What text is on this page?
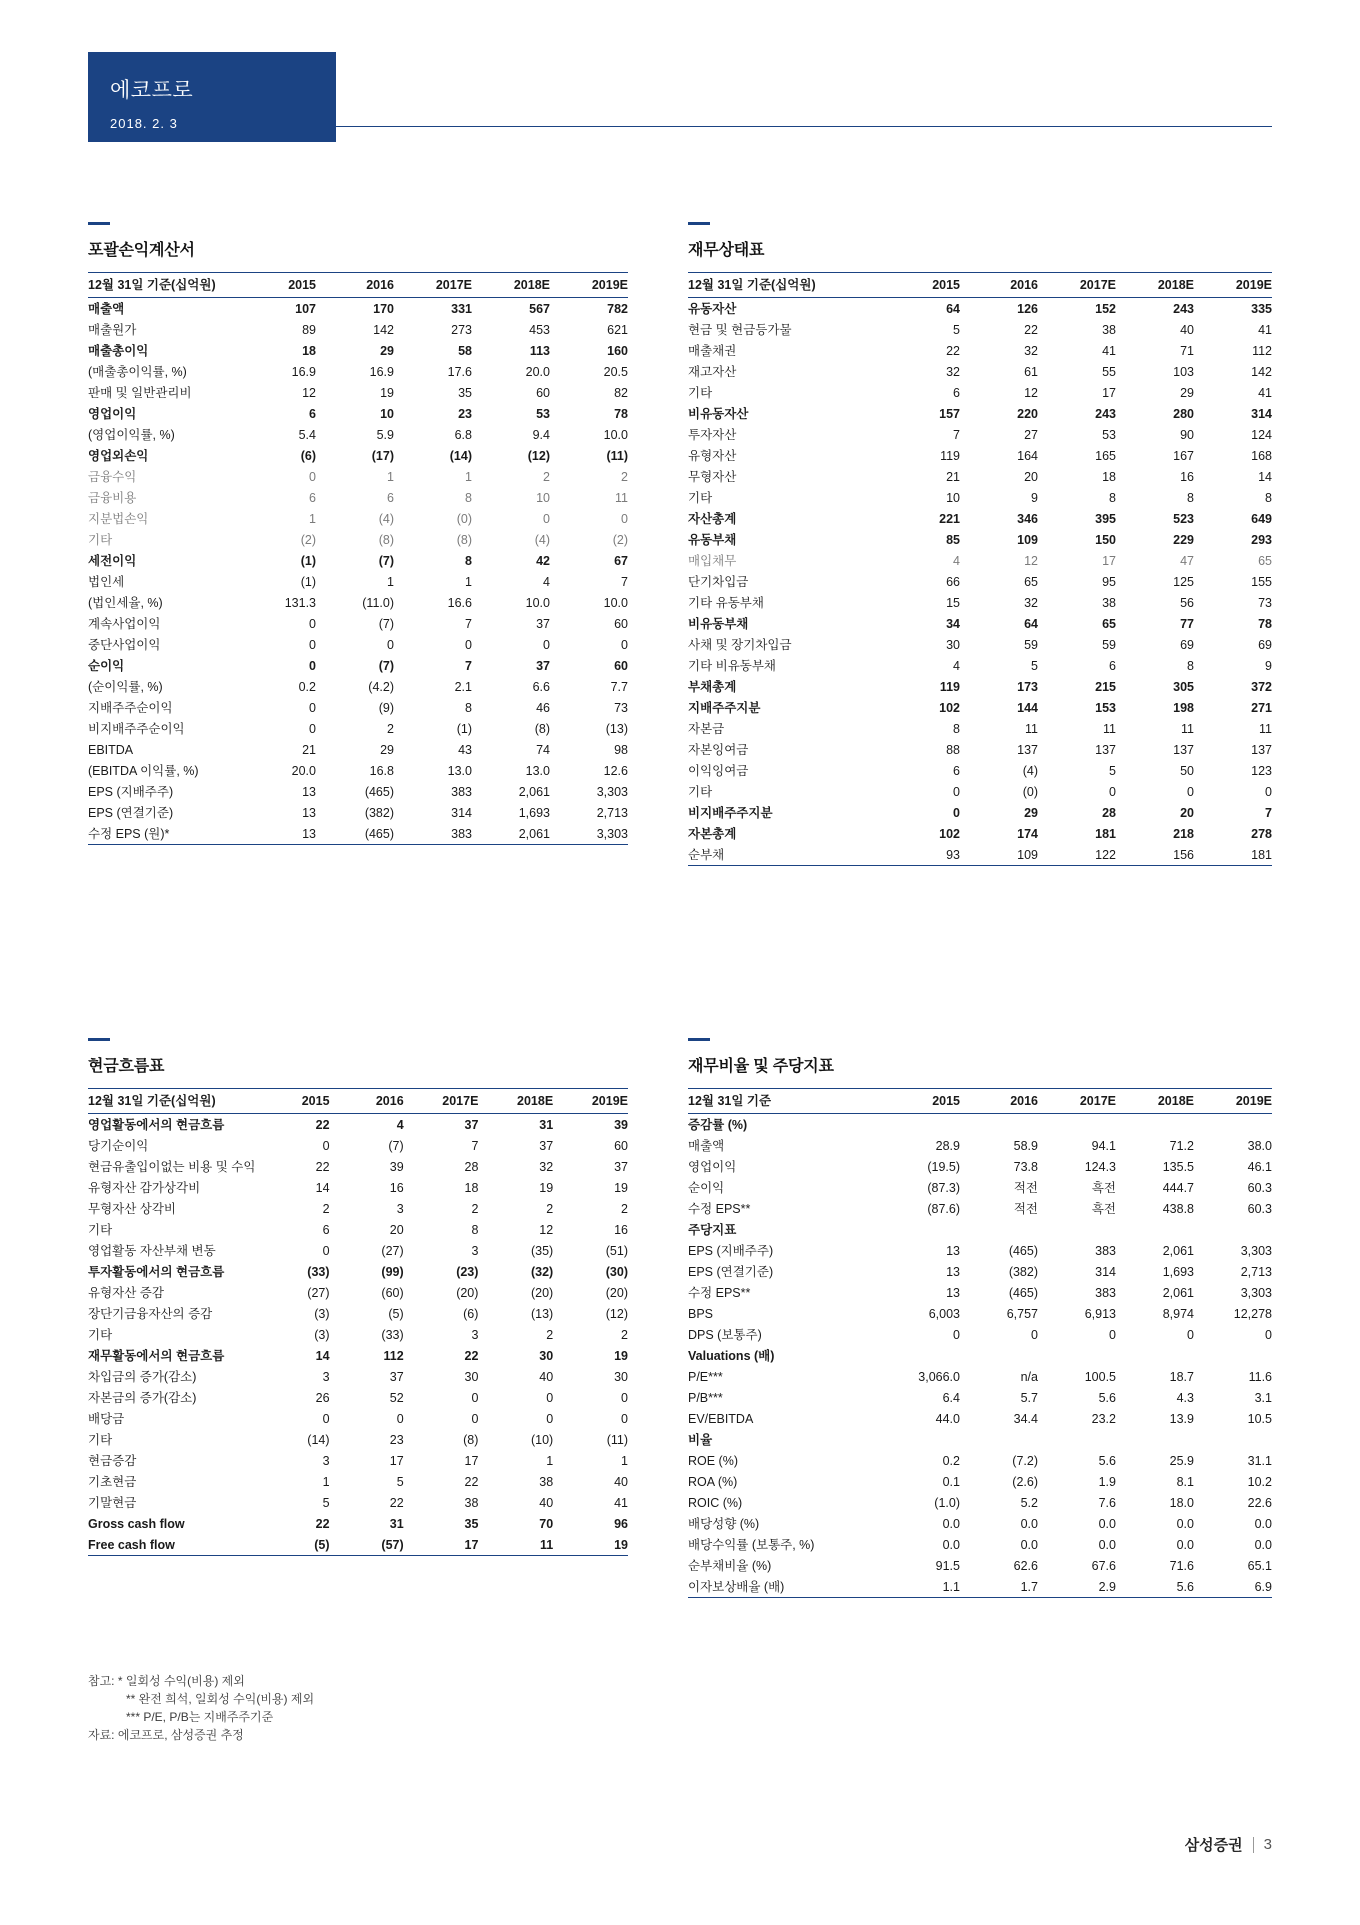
에코프로
2018. 2. 3
포괄손익계산서
12월 31일 기준(십억원)	2015	2016	2017E	2018E	2019E
매출액	107	170	331	567	782
매출원가	89	142	273	453	621
매출총이익	18	29	58	113	160
(매출총이익률, %)	16.9	16.9	17.6	20.0	20.5
판매 및 일반관리비	12	19	35	60	82
영업이익	6	10	23	53	78
(영업이익률, %)	5.4	5.9	6.8	9.4	10.0
영업외손익	(6)	(17)	(14)	(12)	(11)
금융수익	0	1	1	2	2
금융비용	6	6	8	10	11
지분법손익	1	(4)	(0)	0	0
기타	(2)	(8)	(8)	(4)	(2)
세전이익	(1)	(7)	8	42	67
법인세	(1)	1	1	4	7
(법인세율, %)	131.3	(11.0)	16.6	10.0	10.0
계속사업이익	0	(7)	7	37	60
중단사업이익	0	0	0	0	0
순이익	0	(7)	7	37	60
(순이익률, %)	0.2	(4.2)	2.1	6.6	7.7
지배주주순이익	0	(9)	8	46	73
비지배주주순이익	0	2	(1)	(8)	(13)
EBITDA	21	29	43	74	98
(EBITDA 이익률, %)	20.0	16.8	13.0	13.0	12.6
EPS (지배주주)	13	(465)	383	2,061	3,303
EPS (연결기준)	13	(382)	314	1,693	2,713
수정 EPS (원)*	13	(465)	383	2,061	3,303
재무상태표
12월 31일 기준(십억원)	2015	2016	2017E	2018E	2019E
유동자산	64	126	152	243	335
현금 및 현금등가물	5	22	38	40	41
매출채권	22	32	41	71	112
재고자산	32	61	55	103	142
기타	6	12	17	29	41
비유동자산	157	220	243	280	314
투자자산	7	27	53	90	124
유형자산	119	164	165	167	168
무형자산	21	20	18	16	14
기타	10	9	8	8	8
자산총계	221	346	395	523	649
유동부채	85	109	150	229	293
매입채무	4	12	17	47	65
단기차입금	66	65	95	125	155
기타 유동부채	15	32	38	56	73
비유동부채	34	64	65	77	78
사채 및 장기차입금	30	59	59	69	69
기타 비유동부채	4	5	6	8	9
부채총계	119	173	215	305	372
지배주주지분	102	144	153	198	271
자본금	8	11	11	11	11
자본잉여금	88	137	137	137	137
이익잉여금	6	(4)	5	50	123
기타	0	(0)	0	0	0
비지배주주지분	0	29	28	20	7
자본총계	102	174	181	218	278
순부채	93	109	122	156	181
현금흐름표
12월 31일 기준(십억원)	2015	2016	2017E	2018E	2019E
영업활동에서의 현금흐름	22	4	37	31	39
당기순이익	0	(7)	7	37	60
현금유출입이없는 비용 및 수익	22	39	28	32	37
유형자산 감가상각비	14	16	18	19	19
무형자산 상각비	2	3	2	2	2
기타	6	20	8	12	16
영업활동 자산부채 변동	0	(27)	3	(35)	(51)
투자활동에서의 현금흐름	(33)	(99)	(23)	(32)	(30)
유형자산 증감	(27)	(60)	(20)	(20)	(20)
장단기금융자산의 증감	(3)	(5)	(6)	(13)	(12)
기타	(3)	(33)	3	2	2
재무활동에서의 현금흐름	14	112	22	30	19
차입금의 증가(감소)	3	37	30	40	30
자본금의 증가(감소)	26	52	0	0	0
배당금	0	0	0	0	0
기타	(14)	23	(8)	(10)	(11)
현금증감	3	17	17	1	1
기초현금	1	5	22	38	40
기말현금	5	22	38	40	41
Gross cash flow	22	31	35	70	96
Free cash flow	(5)	(57)	17	11	19
재무비율 및 주당지표
12월 31일 기준	2015	2016	2017E	2018E	2019E
증감률 (%)					
매출액	28.9	58.9	94.1	71.2	38.0
영업이익	(19.5)	73.8	124.3	135.5	46.1
순이익	(87.3)	적전	흑전	444.7	60.3
수정 EPS**	(87.6)	적전	흑전	438.8	60.3
주당지표					
EPS (지배주주)	13	(465)	383	2,061	3,303
EPS (연결기준)	13	(382)	314	1,693	2,713
수정 EPS**	13	(465)	383	2,061	3,303
BPS	6,003	6,757	6,913	8,974	12,278
DPS (보통주)	0	0	0	0	0
Valuations (배)					
P/E***	3,066.0	n/a	100.5	18.7	11.6
P/B***	6.4	5.7	5.6	4.3	3.1
EV/EBITDA	44.0	34.4	23.2	13.9	10.5
비율					
ROE (%)	0.2	(7.2)	5.6	25.9	31.1
ROA (%)	0.1	(2.6)	1.9	8.1	10.2
ROIC (%)	(1.0)	5.2	7.6	18.0	22.6
배당성향 (%)	0.0	0.0	0.0	0.0	0.0
배당수익률 (보통주, %)	0.0	0.0	0.0	0.0	0.0
순부채비율 (%)	91.5	62.6	67.6	71.6	65.1
이자보상배율 (배)	1.1	1.7	2.9	5.6	6.9
참고: * 일회성 수익(비용) 제외
** 완전 희석, 일회성 수익(비용) 제외
*** P/E, P/B는 지배주주기준
자료: 에코프로, 삼성증권 추정
삼성증권 3
